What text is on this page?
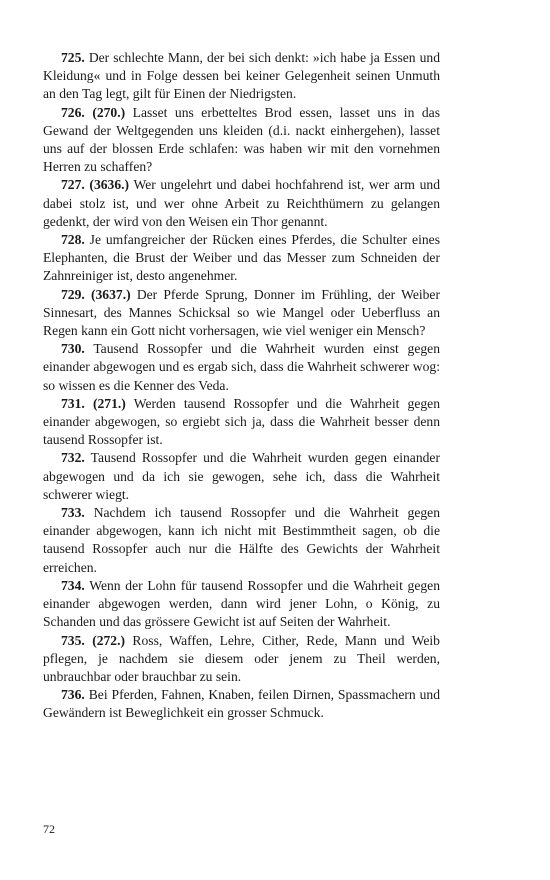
725. Der schlechte Mann, der bei sich denkt: »ich habe ja Essen und Kleidung« und in Folge dessen bei keiner Gelegenheit seinen Unmuth an den Tag legt, gilt für Einen der Niedrigsten.

726. (270.) Lasset uns erbetteltes Brod essen, lasset uns in das Gewand der Weltgegenden uns kleiden (d.i. nackt einhergehen), lasset uns auf der blossen Erde schlafen: was haben wir mit den vornehmen Herren zu schaffen?

727. (3636.) Wer ungelehrt und dabei hochfahrend ist, wer arm und dabei stolz ist, und wer ohne Arbeit zu Reichthümern zu gelangen gedenkt, der wird von den Weisen ein Thor genannt.

728. Je umfangreicher der Rücken eines Pferdes, die Schulter eines Elephanten, die Brust der Weiber und das Messer zum Schneiden der Zahnreiniger ist, desto angenehmer.

729. (3637.) Der Pferde Sprung, Donner im Frühling, der Weiber Sinnesart, des Mannes Schicksal so wie Mangel oder Ueberfluss an Regen kann ein Gott nicht vorhersagen, wie viel weniger ein Mensch?

730. Tausend Rossopfer und die Wahrheit wurden einst gegen einander abgewogen und es ergab sich, dass die Wahrheit schwerer wog: so wissen es die Kenner des Veda.

731. (271.) Werden tausend Rossopfer und die Wahrheit gegen einander abgewogen, so ergiebt sich ja, dass die Wahrheit besser denn tausend Rossopfer ist.

732. Tausend Rossopfer und die Wahrheit wurden gegen einander abgewogen und da ich sie gewogen, sehe ich, dass die Wahrheit schwerer wiegt.

733. Nachdem ich tausend Rossopfer und die Wahrheit gegen einander abgewogen, kann ich nicht mit Bestimmtheit sagen, ob die tausend Rossopfer auch nur die Hälfte des Gewichts der Wahrheit erreichen.

734. Wenn der Lohn für tausend Rossopfer und die Wahrheit gegen einander abgewogen werden, dann wird jener Lohn, o König, zu Schanden und das grössere Gewicht ist auf Seiten der Wahrheit.

735. (272.) Ross, Waffen, Lehre, Cither, Rede, Mann und Weib pflegen, je nachdem sie diesem oder jenem zu Theil werden, unbrauchbar oder brauchbar zu sein.

736. Bei Pferden, Fahnen, Knaben, feilen Dirnen, Spassmachern und Gewändern ist Beweglichkeit ein grosser Schmuck.

72
